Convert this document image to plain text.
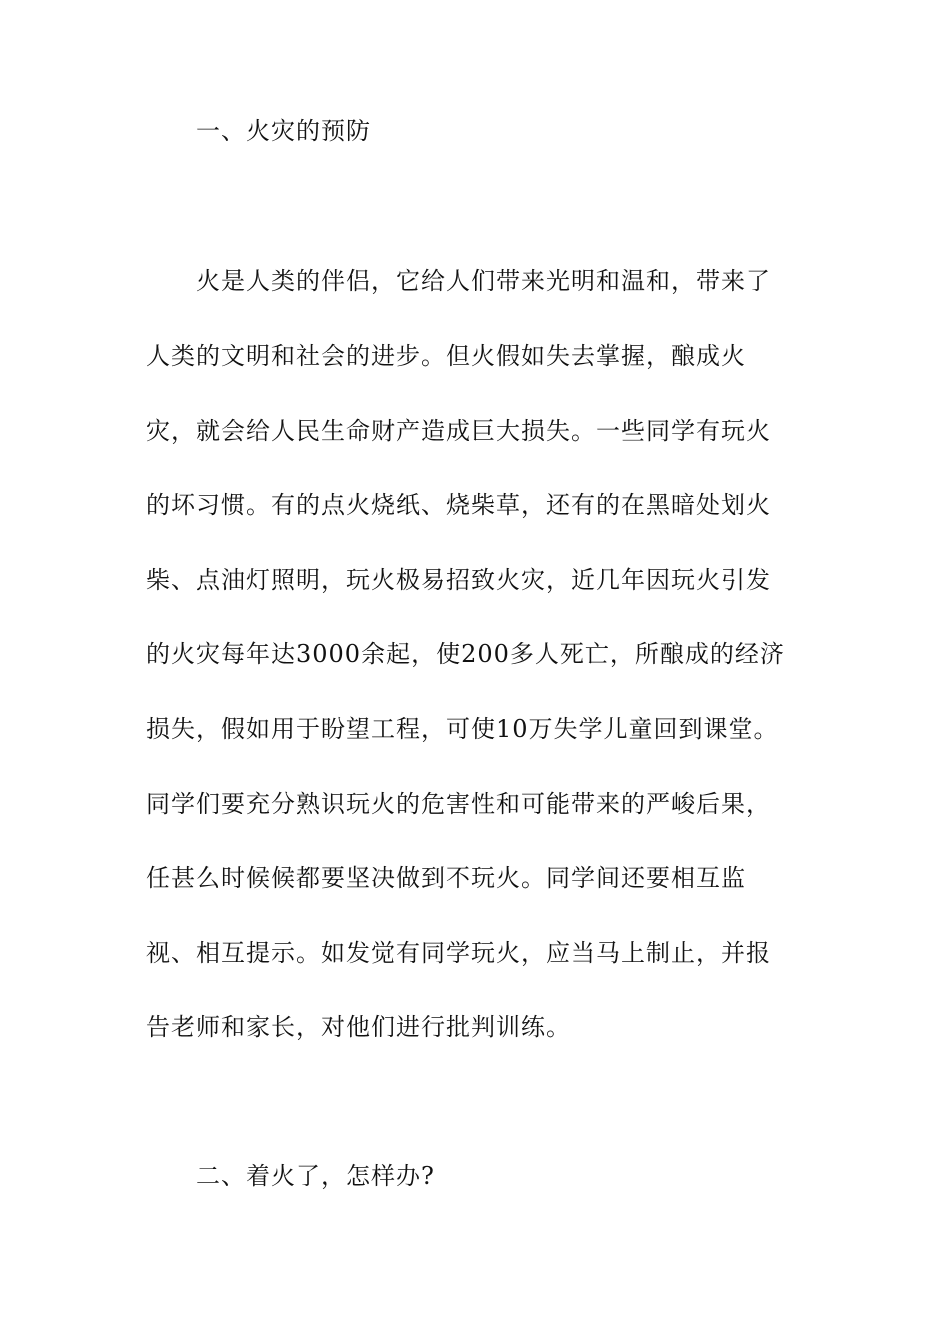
一、火灾的预防
火是人类的伴侣，它给人们带来光明和温和，带来了
人类的文明和社会的进步。但火假如失去掌握，酿成火
灾，就会给人民生命财产造成巨大损失。一些同学有玩火
的坏习惯。有的点火烧纸、烧柴草，还有的在黑暗处划火
柴、点油灯照明，玩火极易招致火灾，近几年因玩火引发
的火灾每年达3000余起，使200多人死亡，所酿成的经济
损失，假如用于盼望工程，可使10万失学儿童回到课堂。
同学们要充分熟识玩火的危害性和可能带来的严峻后果，
任甚么时候候都要坚决做到不玩火。同学间还要相互监
视、相互提示。如发觉有同学玩火，应当马上制止，并报
告老师和家长，对他们进行批判训练。
二、着火了，怎样办?
